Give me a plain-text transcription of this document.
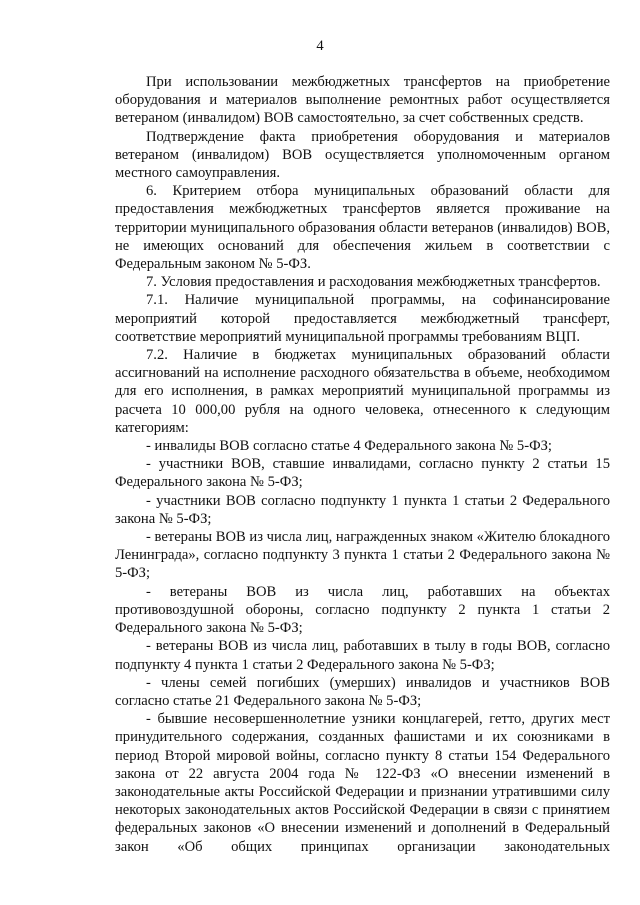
4

При использовании межбюджетных трансфертов на приобретение оборудования и материалов выполнение ремонтных работ осуществляется ветераном (инвалидом) ВОВ самостоятельно, за счет собственных средств.

Подтверждение факта приобретения оборудования и материалов ветераном (инвалидом) ВОВ осуществляется уполномоченным органом местного самоуправления.

6. Критерием отбора муниципальных образований области для предоставления межбюджетных трансфертов является проживание на территории муниципального образования области ветеранов (инвалидов) ВОВ, не имеющих оснований для обеспечения жильем в соответствии с Федеральным законом № 5-ФЗ.

7. Условия предоставления и расходования межбюджетных трансфертов.

7.1. Наличие муниципальной программы, на софинансирование мероприятий которой предоставляется межбюджетный трансферт, соответствие мероприятий муниципальной программы требованиям ВЦП.

7.2. Наличие в бюджетах муниципальных образований области ассигнований на исполнение расходного обязательства в объеме, необходимом для его исполнения, в рамках мероприятий муниципальной программы из расчета 10 000,00 рубля на одного человека, отнесенного к следующим категориям:

- инвалиды ВОВ согласно статье 4 Федерального закона № 5-ФЗ;

- участники ВОВ, ставшие инвалидами, согласно пункту 2 статьи 15 Федерального закона № 5-ФЗ;

- участники ВОВ согласно подпункту 1 пункта 1 статьи 2 Федерального закона № 5-ФЗ;

- ветераны ВОВ из числа лиц, награжденных знаком «Жителю блокадного Ленинграда», согласно подпункту 3 пункта 1 статьи 2 Федерального закона № 5-ФЗ;

- ветераны ВОВ из числа лиц, работавших на объектах противовоздушной обороны, согласно подпункту 2 пункта 1 статьи 2 Федерального закона № 5-ФЗ;

- ветераны ВОВ из числа лиц, работавших в тылу в годы ВОВ, согласно подпункту 4 пункта 1 статьи 2 Федерального закона № 5-ФЗ;

- члены семей погибших (умерших) инвалидов и участников ВОВ согласно статье 21 Федерального закона № 5-ФЗ;

- бывшие несовершеннолетние узники концлагерей, гетто, других мест принудительного содержания, созданных фашистами и их союзниками в период Второй мировой войны, согласно пункту 8 статьи 154 Федерального закона от 22 августа 2004 года № 122-ФЗ «О внесении изменений в законодательные акты Российской Федерации и признании утратившими силу некоторых законодательных актов Российской Федерации в связи с принятием федеральных законов «О внесении изменений и дополнений в Федеральный закон «Об общих принципах организации законодательных
